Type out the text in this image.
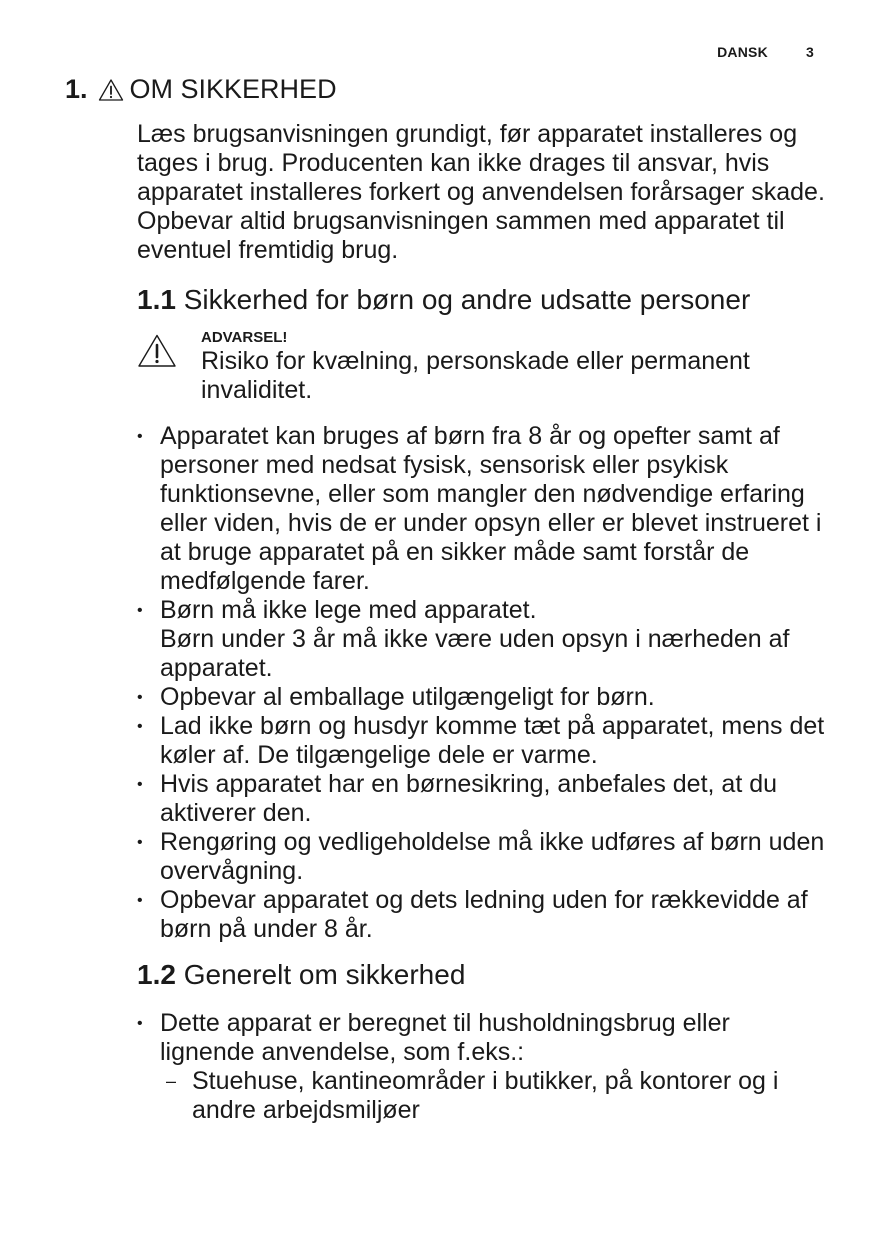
DANSK	3
1. OM SIKKERHED

Læs brugsanvisningen grundigt, før apparatet installeres og tages i brug. Producenten kan ikke drages til ansvar, hvis apparatet installeres forkert og anvendelsen forårsager skade. Opbevar altid brugsanvisningen sammen med apparatet til eventuel fremtidig brug.

1.1 Sikkerhed for børn og andre udsatte personer
ADVARSEL!
Risiko for kvælning, personskade eller permanent invaliditet.
• Apparatet kan bruges af børn fra 8 år og opefter samt af personer med nedsat fysisk, sensorisk eller psykisk funktionsevne, eller som mangler den nødvendige erfaring eller viden, hvis de er under opsyn eller er blevet instrueret i at bruge apparatet på en sikker måde samt forstår de medfølgende farer.
• Børn må ikke lege med apparatet.
Børn under 3 år må ikke være uden opsyn i nærheden af apparatet.
• Opbevar al emballage utilgængeligt for børn.
• Lad ikke børn og husdyr komme tæt på apparatet, mens det køler af. De tilgængelige dele er varme.
• Hvis apparatet har en børnesikring, anbefales det, at du aktiverer den.
• Rengøring og vedligeholdelse må ikke udføres af børn uden overvågning.
• Opbevar apparatet og dets ledning uden for rækkevidde af børn på under 8 år.
1.2 Generelt om sikkerhed
• Dette apparat er beregnet til husholdningsbrug eller lignende anvendelse, som f.eks.:
– Stuehuse, kantineområder i butikker, på kontorer og i andre arbejdsmiljøer
